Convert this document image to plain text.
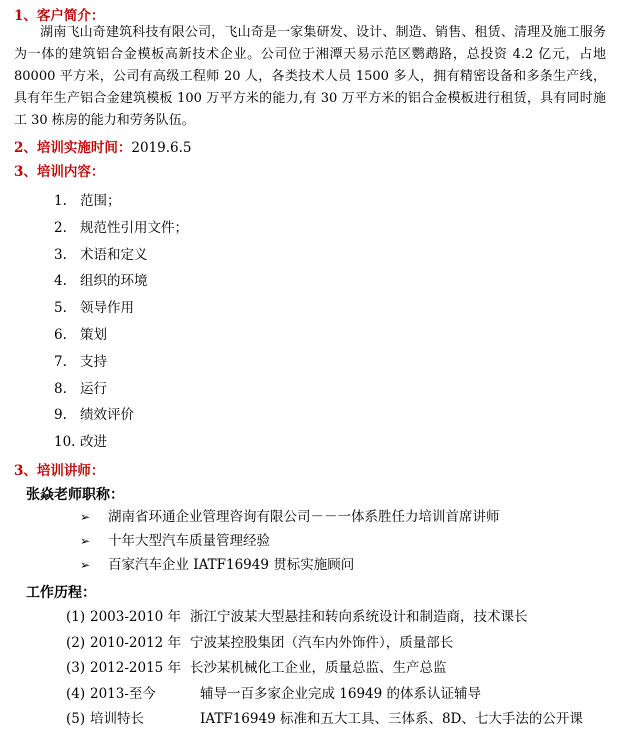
1、客户简介：
湖南飞山奇建筑科技有限公司，飞山奇是一家集研发、设计、制造、销售、租赁、清理及施工服务为一体的建筑铝合金模板高新技术企业。公司位于湘潭天易示范区鹦鹉路，总投资 4.2 亿元，占地 80000 平方米，公司有高级工程师 20 人，各类技术人员 1500 多人，拥有精密设备和多条生产线，具有年生产铝合金建筑模板 100 万平方米的能力,有 30 万平方米的铝合金模板进行租赁，具有同时施工 30 栋房的能力和劳务队伍。
2、培训实施时间：2019.6.5
3、培训内容：
1. 范围；
2. 规范性引用文件；
3. 术语和定义
4. 组织的环境
5. 领导作用
6. 策划
7. 支持
8. 运行
9. 绩效评价
10. 改进
3、培训讲师：
张焱老师职称：
➢ 湖南省环通企业管理咨询有限公司－－一体系胜任力培训首席讲师
➢ 十年大型汽车质量管理经验
➢ 百家汽车企业 IATF16949 贯标实施顾问
工作历程：
(1) 2003-2010 年 浙江宁波某大型悬挂和转向系统设计和制造商，技术课长
(2) 2010-2012 年 宁波某控股集团（汽车内外饰件），质量部长
(3) 2012-2015 年 长沙某机械化工企业，质量总监、生产总监
(4) 2013-至今	辅导一百多家企业完成 16949 的体系认证辅导
(5) 培训特长	IATF16949 标准和五大工具、三体系、8D、七大手法的公开课
